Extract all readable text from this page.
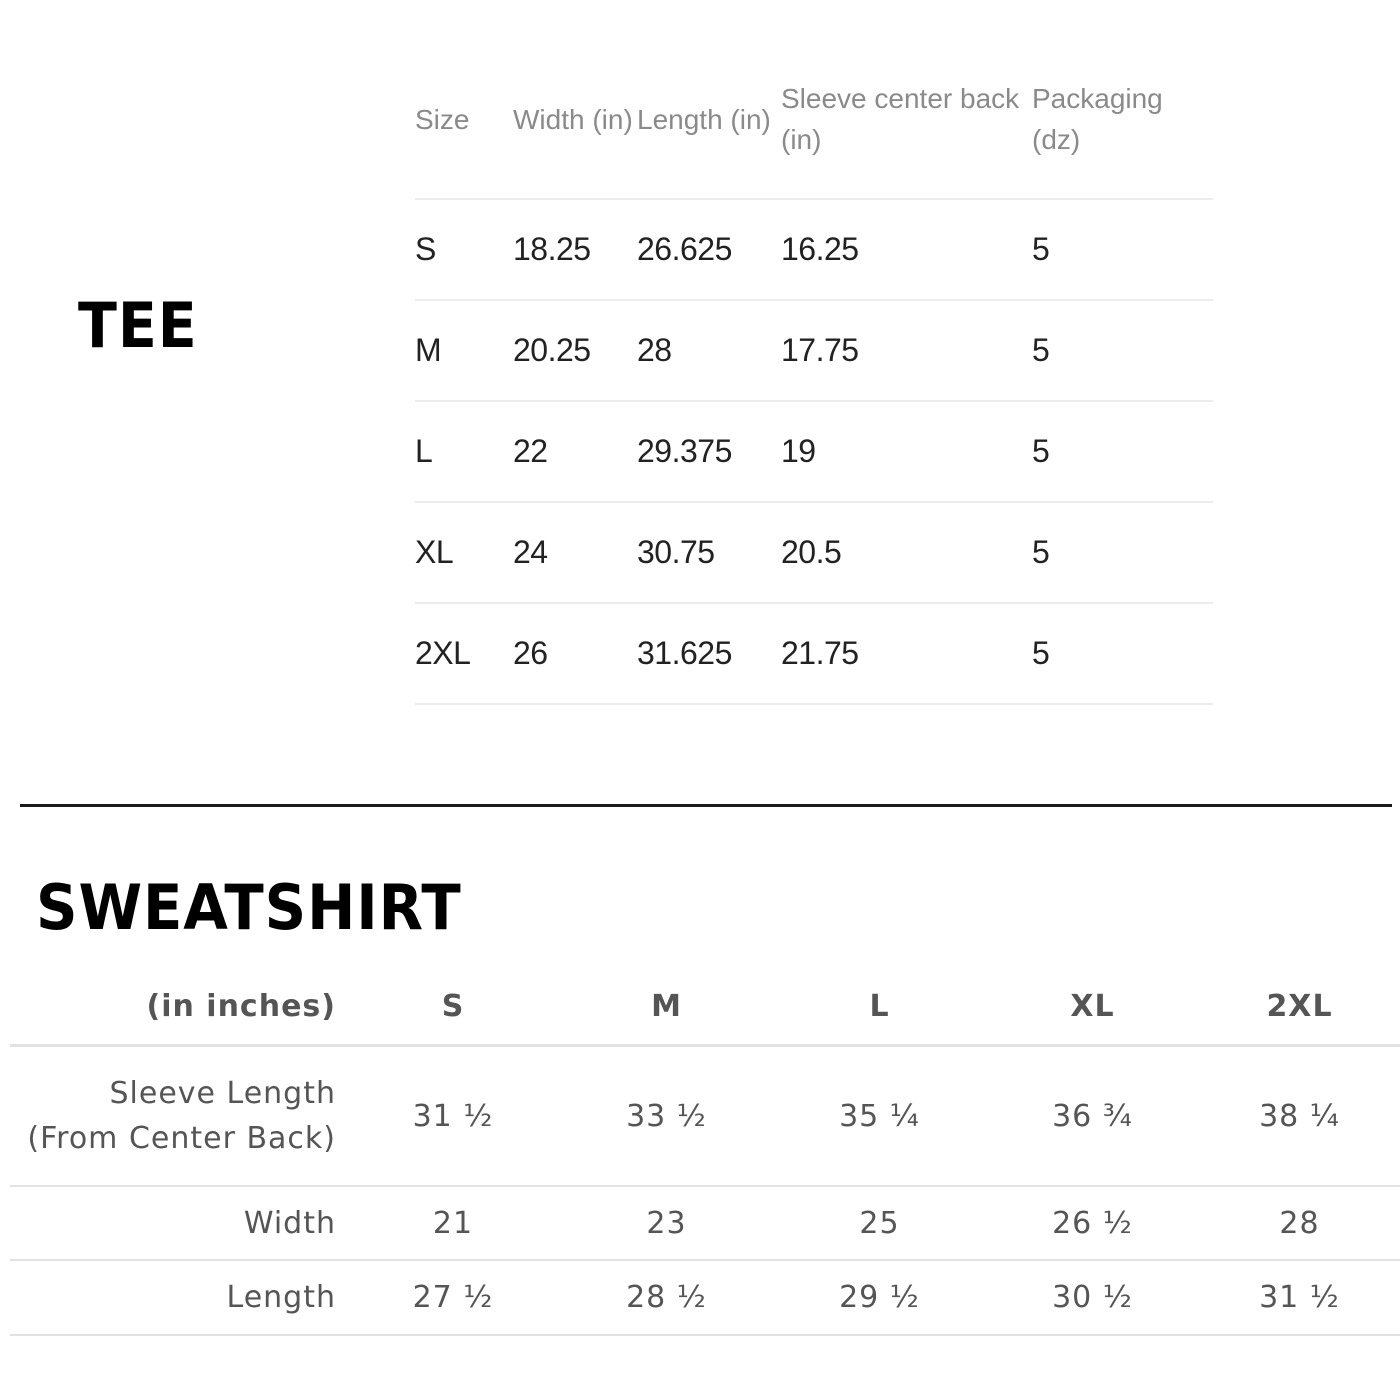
TEE
Size	Width (in)	Length (in)	Sleeve center back (in)	Packaging (dz)
S	18.25	26.625	16.25	5
M	20.25	28	17.75	5
L	22	29.375	19	5
XL	24	30.75	20.5	5
2XL	26	31.625	21.75	5
SWEATSHIRT
(in inches)	S	M	L	XL	2XL
Sleeve Length (From Center Back)	31 ½	33 ½	35 ¼	36 ¾	38 ¼
Width	21	23	25	26 ½	28
Length	27 ½	28 ½	29 ½	30 ½	31 ½
